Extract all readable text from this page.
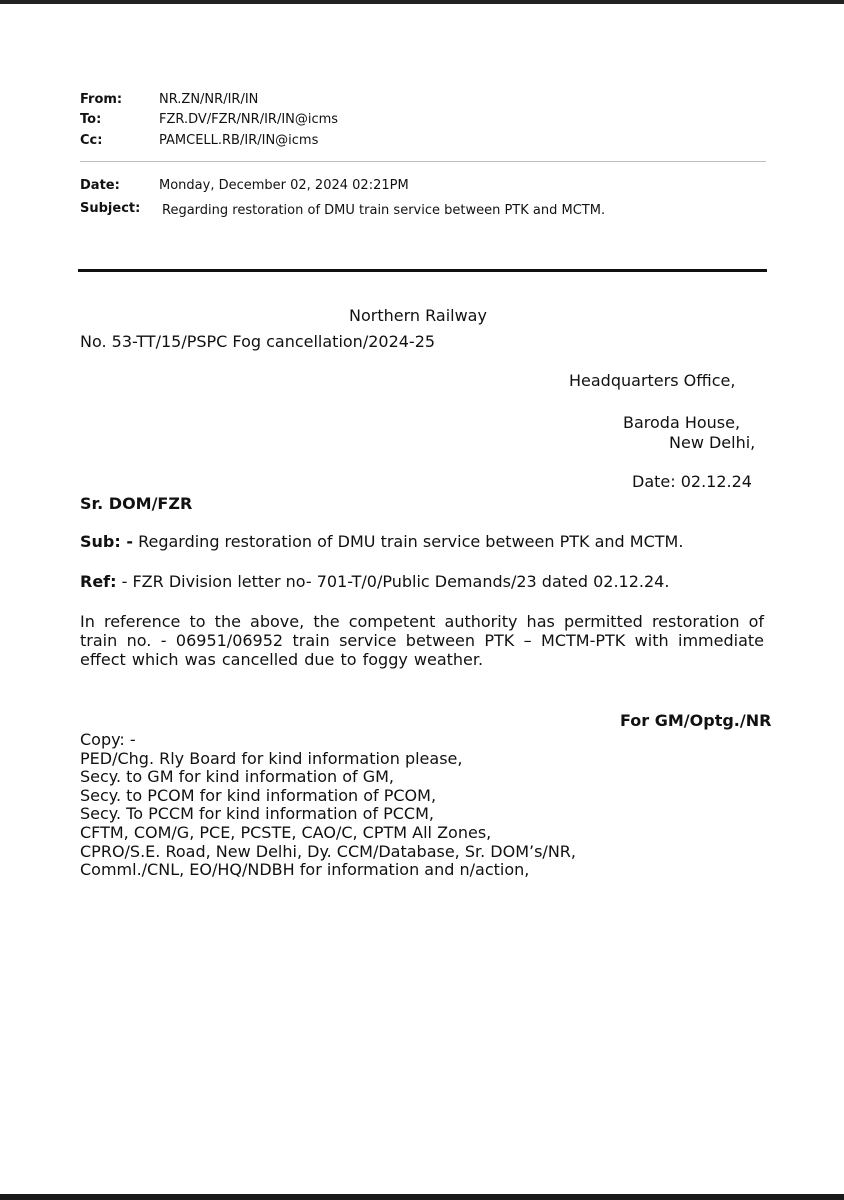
From:	NR.ZN/NR/IR/IN
To:	FZR.DV/FZR/NR/IR/IN@icms
Cc:	PAMCELL.RB/IR/IN@icms
Date:	Monday, December 02, 2024 02:21PM
Subject: Regarding restoration of DMU train service between PTK and MCTM.
Northern Railway
No. 53-TT/15/PSPC Fog cancellation/2024-25
Headquarters Office,
Baroda House,
New Delhi,
Date: 02.12.24
Sr. DOM/FZR
Sub: - Regarding restoration of DMU train service between PTK and MCTM.
Ref: - FZR Division letter no- 701-T/0/Public Demands/23 dated 02.12.24.
In reference to the above, the competent authority has permitted restoration of train no. - 06951/06952 train service between PTK – MCTM-PTK with immediate effect which was cancelled due to foggy weather.
For GM/Optg./NR
Copy: -
PED/Chg. Rly Board for kind information please,
Secy. to GM for kind information of GM,
Secy. to PCOM for kind information of PCOM,
Secy. To PCCM for kind information of PCCM,
CFTM, COM/G, PCE, PCSTE, CAO/C, CPTM All Zones,
CPRO/S.E. Road, New Delhi, Dy. CCM/Database, Sr. DOM’s/NR,
Comml./CNL, EO/HQ/NDBH for information and n/action,
